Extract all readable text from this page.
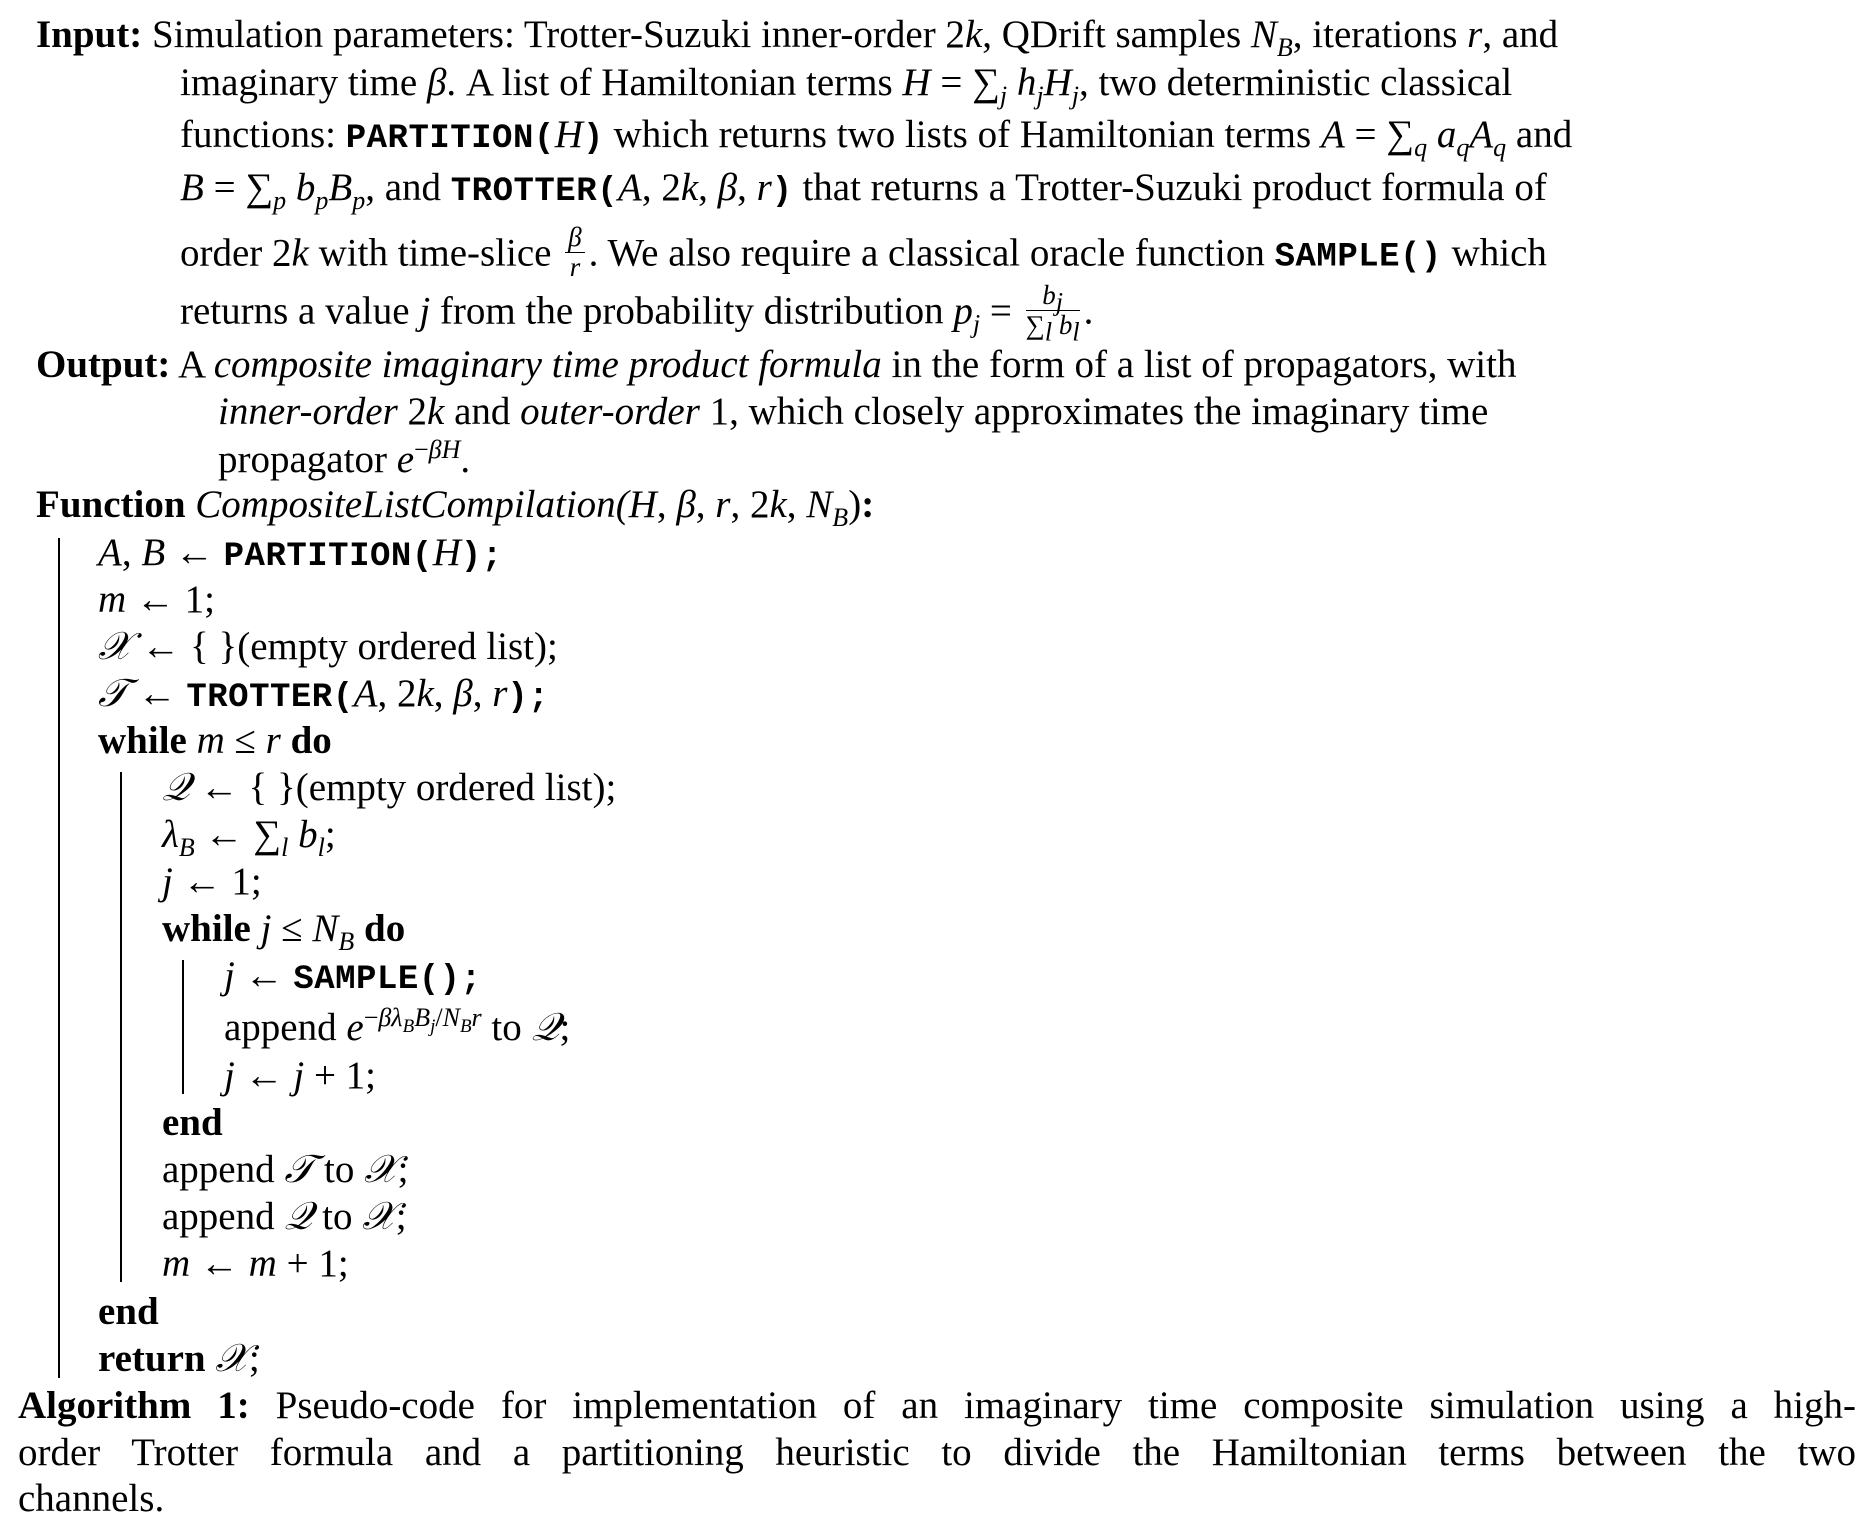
Input: Simulation parameters: Trotter-Suzuki inner-order 2k, QDrift samples $N_B$, iterations r, and
imaginary time β. A list of Hamiltonian terms $H = \sum_j$ $h_jH_j$, two deterministic classical
functions: PARTITION(H) which returns two lists of Hamiltonian terms $A = \sum_q$ $a_qA_q$ and
$B = \sum_p$ $b_pB_p$, and TROTTER(A, 2k, β, r) that returns a Trotter-Suzuki product formula of
order 2k with time-slice $\frac{\beta}{r}$ . We also require a classical oracle function SAMPLE() which
returns a value j from the probability distribution $p_j = \frac{b_j}{\sum_l b_l}$ .
Output: A composite imaginary time product formula in the form of a list of propagators, with
inner-order 2k and outer-order 1, which closely approximates the imaginary time
propagator $e^{-\beta H}$.
Function CompositeListCompilation(H, β, r, 2k, $N_B$):
A, B ← PARTITION(H);
m ← 1;
𝒳 ← { }(empty ordered list);
𝒯 ← TROTTER(A, 2k, β, r);
while m ≤ r do
𝒬 ← { }(empty ordered list);
$\lambda_B$ ← $\sum_l$ $b_l$;
j ← 1;
while $j \le N_B$ do
j ← SAMPLE();
append $e^{-\beta\lambda_BB_j/N_Br}$ to 𝒬;
j ← j + 1;
end
append 𝒯 to 𝒳;
append 𝒬 to 𝒳;
m ← m + 1;
end
return 𝒳;
Algorithm 1: Pseudo-code for implementation of an imaginary time composite simulation using a high-
order Trotter formula and a partitioning heuristic to divide the Hamiltonian terms between the two
channels.
